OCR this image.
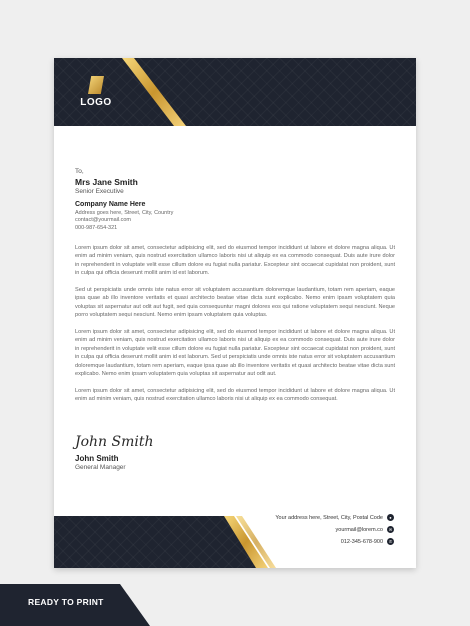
LOGO
To,
Mrs Jane Smith
Senior Executive
Company Name Here
Address goes here, Street, City, Country
contact@yourmail.com
000-987-654-321

Lorem ipsum dolor sit amet, consectetur adipisicing elit, sed do eiusmod tempor incididunt ut labore et dolore magna aliqua. Ut enim ad minim veniam, quis nostrud exercitation ullamco laboris nisi ut aliquip ex ea commodo consequat. Duis aute irure dolor in reprehenderit in voluptate velit esse cillum dolore eu fugiat nulla pariatur. Excepteur sint occaecat cupidatat non proident, sunt in culpa qui officia deserunt mollit anim id est laborum.

Sed ut perspiciatis unde omnis iste natus error sit voluptatem accusantium doloremque laudantium, totam rem aperiam, eaque ipsa quae ab illo inventore veritatis et quasi architecto beatae vitae dicta sunt explicabo. Nemo enim ipsam voluptatem quia voluptas sit aspernatur aut odit aut fugit, sed quia consequuntur magni dolores eos qui ratione voluptatem sequi nesciunt. Neque porro voluptatem sequi nesciunt. Nemo enim ipsam voluptatem quia voluptas.

Lorem ipsum dolor sit amet, consectetur adipisicing elit, sed do eiusmod tempor incididunt ut labore et dolore magna aliqua. Ut enim ad minim veniam, quis nostrud exercitation ullamco laboris nisi ut aliquip ex ea commodo consequat. Duis aute irure dolor in reprehenderit in voluptate velit esse cillum dolore eu fugiat nulla pariatur. Excepteur sint occaecat cupidatat non proident, sunt in culpa qui officia deserunt mollit anim id est laborum. Sed ut perspiciatis unde omnis iste natus error sit voluptatem accusantium doloremque laudantium, totam rem aperiam, eaque ipsa quae ab illo inventore veritatis et quasi architecto beatae vitae dicta sunt explicabo. Nemo enim ipsam voluptatem quia voluptas sit aspernatur aut odit aut.

Lorem ipsum dolor sit amet, consectetur adipisicing elit, sed do eiusmod tempor incididunt ut labore et dolore magna aliqua. Ut enim ad minim veniam, quis nostrud exercitation ullamco laboris nisi ut aliquip ex ea commodo consequat.

John Smith
John Smith
General Manager
Your address here, Street, City, Postal Code	●
yourmail@lorem.co	✉
012-345-678-900	✆
READY TO PRINT
